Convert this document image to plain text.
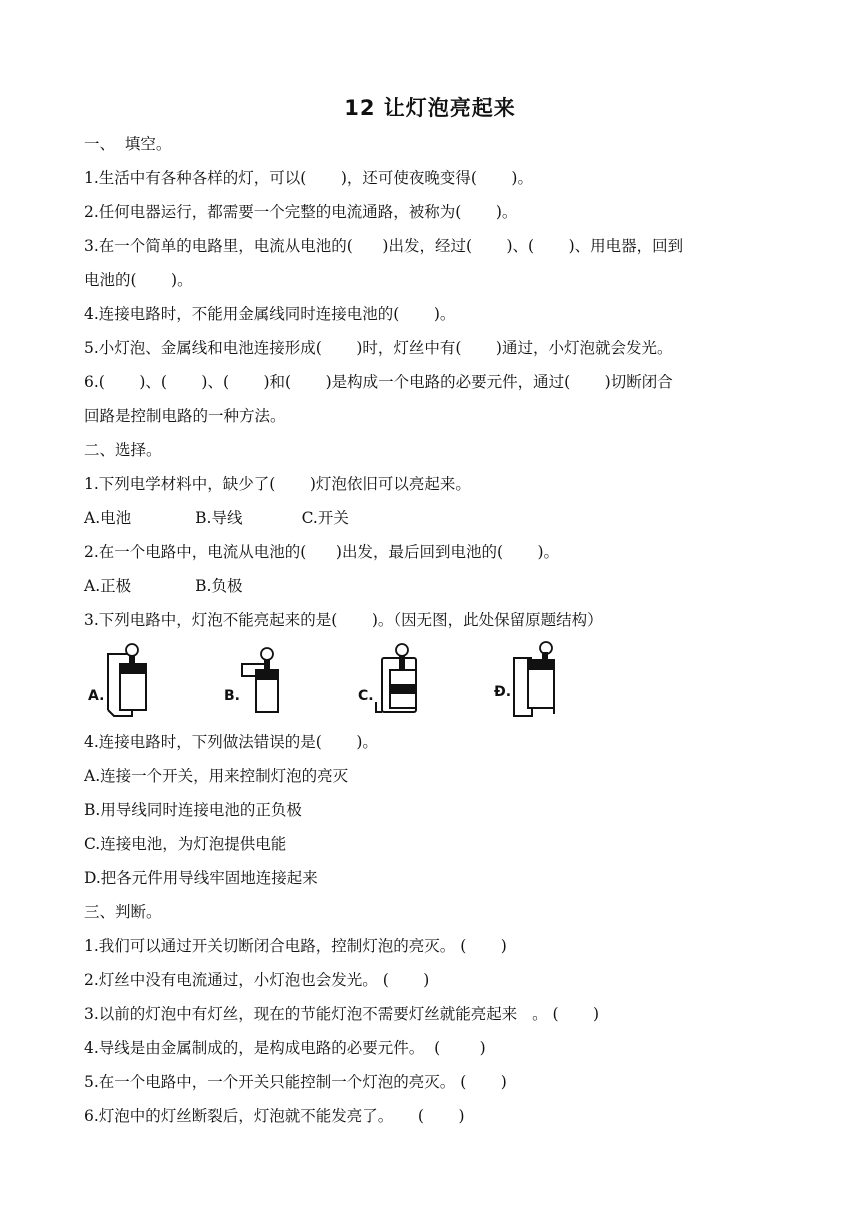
12 让灯泡亮起来
一、  填空。
1.生活中有各种各样的灯，可以(       )，还可使夜晚变得(       )。
2.任何电器运行，都需要一个完整的电流通路，被称为(       )。
3.在一个简单的电路里，电流从电池的(      )出发，经过(       )、(       )、用电器，回到
电池的(       )。
4.连接电路时，不能用金属线同时连接电池的(       )。
5.小灯泡、金属线和电池连接形成(       )时，灯丝中有(       )通过，小灯泡就会发光。
6.(       )、(       )、(       )和(       )是构成一个电路的必要元件，通过(       )切断闭合
回路是控制电路的一种方法。
二、选择。
1.下列电学材料中，缺少了(       )灯泡依旧可以亮起来。
A.电池             B.导线            C.开关
2.在一个电路中，电流从电池的(      )出发，最后回到电池的(       )。
A.正极             B.负极
3.下列电路中，灯泡不能亮起来的是(       )。（因无图，此处保留原题结构）
A.	B.	C.	Đ.
4.连接电路时，下列做法错误的是(       )。
A.连接一个开关，用来控制灯泡的亮灭
B.用导线同时连接电池的正负极
C.连接电池，为灯泡提供电能
D.把各元件用导线牢固地连接起来
三、判断。
1.我们可以通过开关切断闭合电路，控制灯泡的亮灭。 (       )
2.灯丝中没有电流通过，小灯泡也会发光。 (       )
3.以前的灯泡中有灯丝，现在的节能灯泡不需要灯丝就能亮起来   。 (       )
4.导线是由金属制成的，是构成电路的必要元件。  (        )
5.在一个电路中，一个开关只能控制一个灯泡的亮灭。 (       )
6.灯泡中的灯丝断裂后，灯泡就不能发亮了。     (       )
